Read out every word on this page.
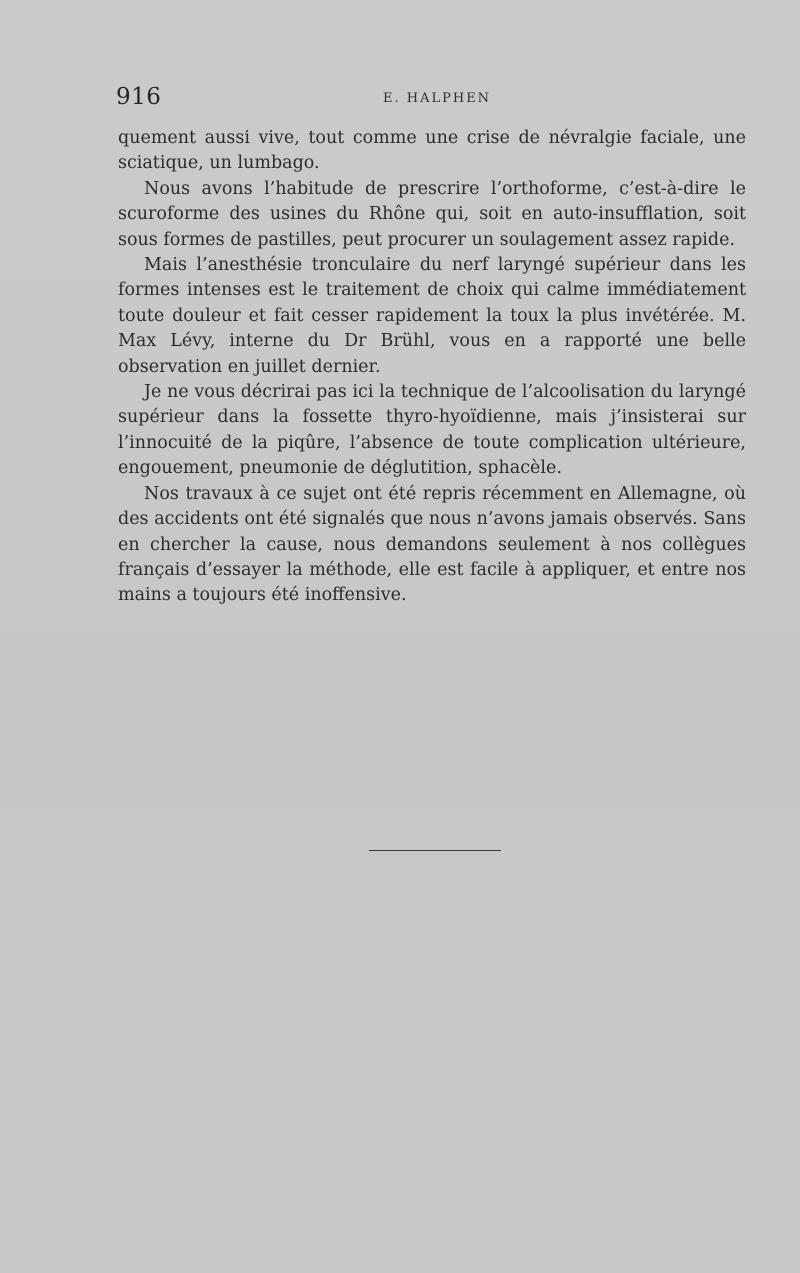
916	E. HALPHEN

quement aussi vive, tout comme une crise de névralgie faciale, une sciatique, un lumbago.

Nous avons l’habitude de prescrire l’orthoforme, c’est-à-dire le scuroforme des usines du Rhône qui, soit en auto-insufflation, soit sous formes de pastilles, peut procurer un soulagement assez rapide.

Mais l’anesthésie tronculaire du nerf laryngé supérieur dans les formes intenses est le traitement de choix qui calme immédiatement toute douleur et fait cesser rapidement la toux la plus invétérée. M. Max Lévy, interne du Dr Brühl, vous en a rapporté une belle observation en juillet dernier.

Je ne vous décrirai pas ici la technique de l’alcoolisation du laryngé supérieur dans la fossette thyro-hyoïdienne, mais j’insisterai sur l’innocuité de la piqûre, l’absence de toute complication ultérieure, engouement, pneumonie de déglutition, sphacèle.

Nos travaux à ce sujet ont été repris récemment en Allemagne, où des accidents ont été signalés que nous n’avons jamais observés. Sans en chercher la cause, nous demandons seulement à nos collègues français d’essayer la méthode, elle est facile à appliquer, et entre nos mains a toujours été inoffensive.
